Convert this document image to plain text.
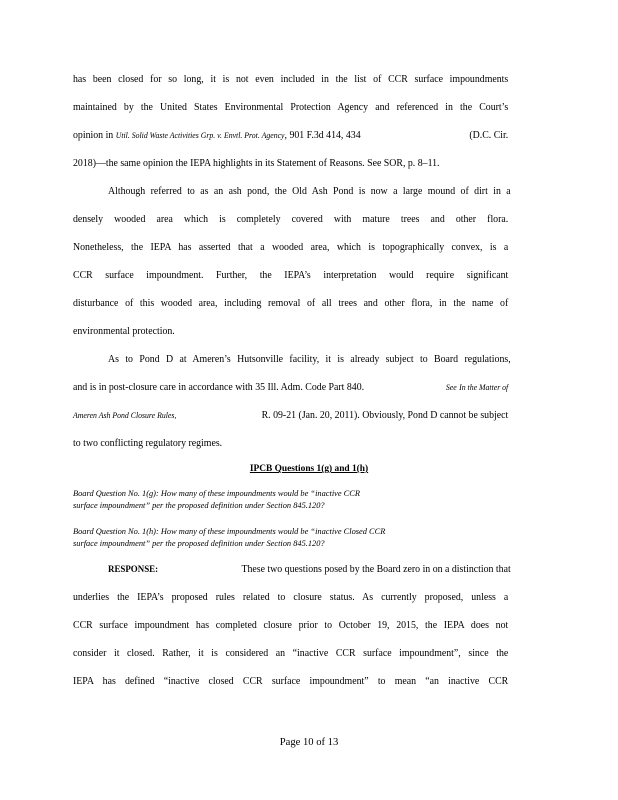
has been closed for so long, it is not even included in the list of CCR surface impoundments
maintained by the United States Environmental Protection Agency and referenced in the Court’s
opinion in Util. Solid Waste Activities Grp. v. Envtl. Prot. Agency, 901 F.3d 414, 434	(D.C. Cir.
2018)—the same opinion the IEPA highlights in its Statement of Reasons. See SOR, p. 8–11.
Although referred to as an ash pond, the Old Ash Pond is now a large mound of dirt in a
densely wooded area which is completely covered with mature trees and other flora.
Nonetheless, the IEPA has asserted that a wooded area, which is topographically convex, is a
CCR surface impoundment. Further, the IEPA’s interpretation would require significant
disturbance of this wooded area, including removal of all trees and other flora, in the name of
environmental protection.
As to Pond D at Ameren’s Hutsonville facility, it is already subject to Board regulations,
and is in post-closure care in accordance with 35 Ill. Adm. Code Part 840.	See In the Matter of
Ameren Ash Pond Closure Rules,	R. 09-21 (Jan. 20, 2011). Obviously, Pond D cannot be subject
to two conflicting regulatory regimes.
IPCB Questions 1(g) and 1(h)
Board Question No. 1(g): How many of these impoundments would be “inactive CCR
surface impoundment” per the proposed definition under Section 845.120?
Board Question No. 1(h): How many of these impoundments would be “inactive Closed CCR
surface impoundment” per the proposed definition under Section 845.120?
RESPONSE:	These two questions posed by the Board zero in on a distinction that
underlies the IEPA’s proposed rules related to closure status. As currently proposed, unless a
CCR surface impoundment has completed closure prior to October 19, 2015, the IEPA does not
consider it closed. Rather, it is considered an “inactive CCR surface impoundment”, since the
IEPA has defined “inactive closed CCR surface impoundment” to mean “an inactive CCR
Page 10 of 13
